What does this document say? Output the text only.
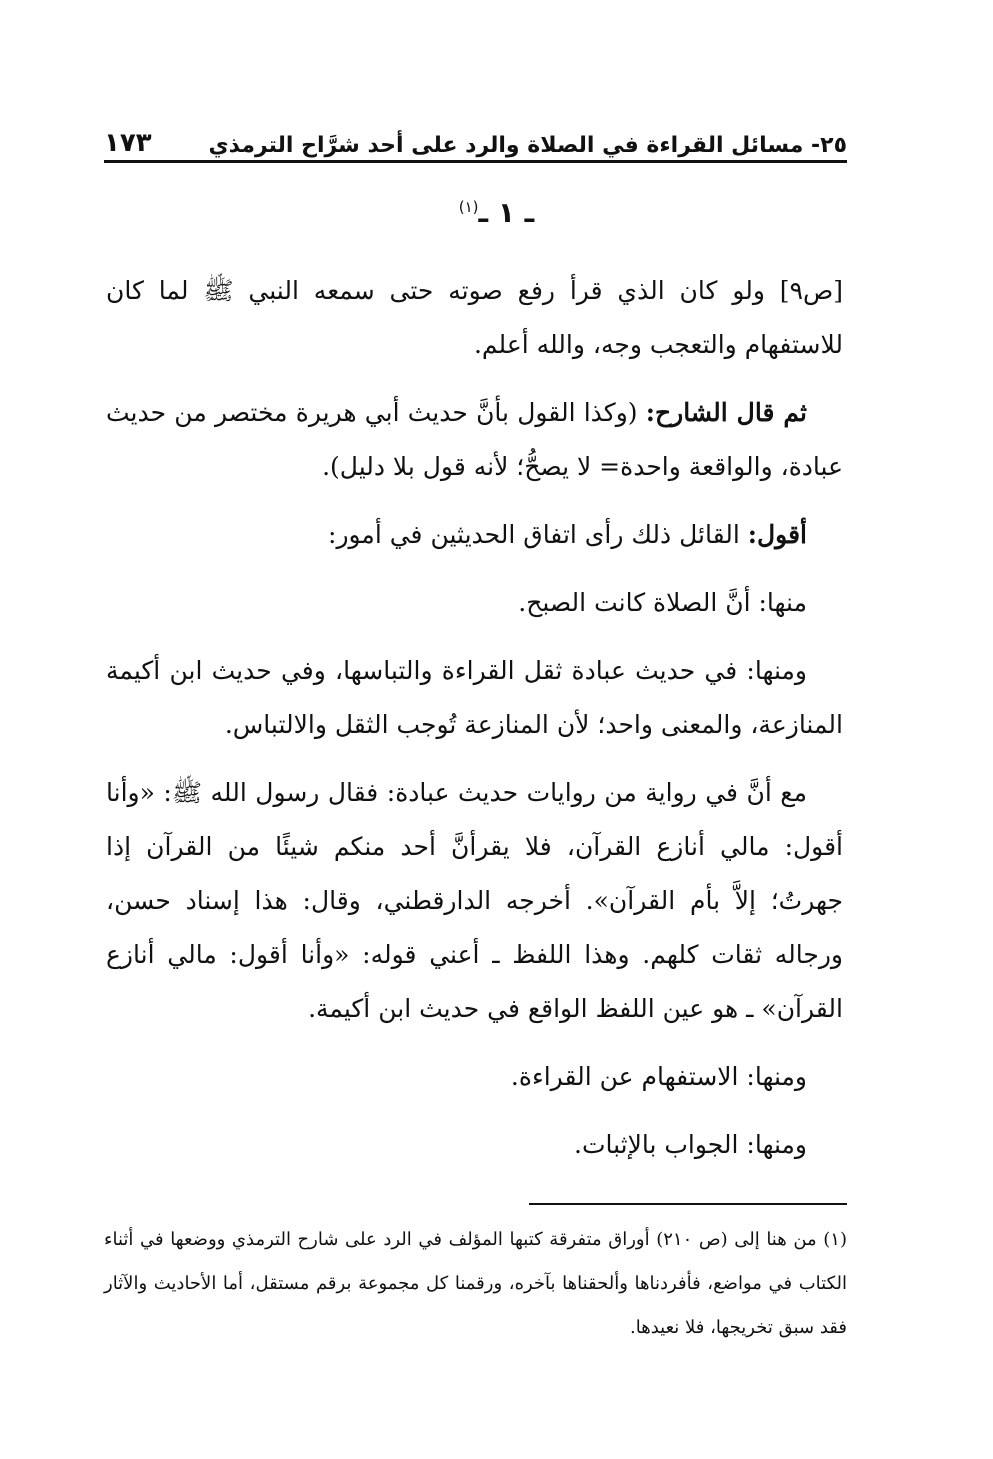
٢٥- مسائل القراءة في الصلاة والرد على أحد شرَّاح الترمذي
١٧٣
ـ ١ ـ$^{(١)}$

[ص٩] ولو كان الذي قرأ رفع صوته حتى سمعه النبي ﷺ لما كان للاستفهام والتعجب وجه، والله أعلم.

ثم قال الشارح: (وكذا القول بأنَّ حديث أبي هريرة مختصر من حديث عبادة، والواقعة واحدة= لا يصحُّ؛ لأنه قول بلا دليل).

أقول: القائل ذلك رأى اتفاق الحديثين في أمور:

منها: أنَّ الصلاة كانت الصبح.

ومنها: في حديث عبادة ثقل القراءة والتباسها، وفي حديث ابن أكيمة المنازعة، والمعنى واحد؛ لأن المنازعة تُوجب الثقل والالتباس.

مع أنَّ في رواية من روايات حديث عبادة: فقال رسول الله ﷺ: «وأنا أقول: مالي أنازع القرآن، فلا يقرأنَّ أحد منكم شيئًا من القرآن إذا جهرتُ؛ إلاَّ بأم القرآن». أخرجه الدارقطني، وقال: هذا إسناد حسن، ورجاله ثقات كلهم. وهذا اللفظ ـ أعني قوله: «وأنا أقول: مالي أنازع القرآن» ـ هو عين اللفظ الواقع في حديث ابن أكيمة.

ومنها: الاستفهام عن القراءة.

ومنها: الجواب بالإثبات.

(١) من هنا إلى (ص ٢١٠) أوراق متفرقة كتبها المؤلف في الرد على شارح الترمذي ووضعها في أثناء الكتاب في مواضع، فأفردناها وألحقناها بآخره، ورقمنا كل مجموعة برقم مستقل، أما الأحاديث والآثار فقد سبق تخريجها، فلا نعيدها.
